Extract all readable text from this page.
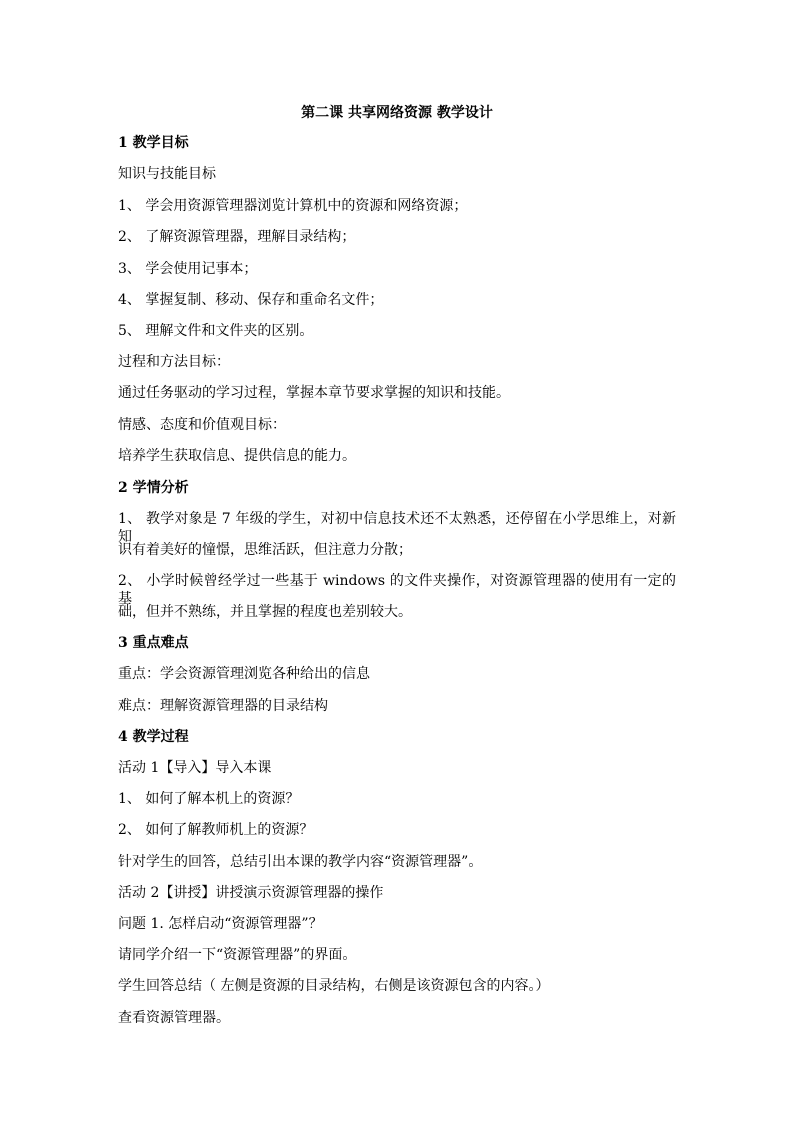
第二课 共享网络资源 教学设计
1 教学目标
知识与技能目标
1、 学会用资源管理器浏览计算机中的资源和网络资源；
2、 了解资源管理器，理解目录结构；
3、 学会使用记事本；
4、 掌握复制、移动、保存和重命名文件；
5、 理解文件和文件夹的区别。
过程和方法目标：
通过任务驱动的学习过程，掌握本章节要求掌握的知识和技能。
情感、态度和价值观目标：
培养学生获取信息、提供信息的能力。
2 学情分析
1、 教学对象是 7 年级的学生，对初中信息技术还不太熟悉，还停留在小学思维上，对新知
识有着美好的憧憬，思维活跃，但注意力分散；
2、 小学时候曾经学过一些基于 windows 的文件夹操作，对资源管理器的使用有一定的基
础，但并不熟练，并且掌握的程度也差别较大。
3 重点难点
重点：学会资源管理浏览各种给出的信息
难点：理解资源管理器的目录结构
4 教学过程
活动 1【导入】导入本课
1、 如何了解本机上的资源？
2、 如何了解教师机上的资源？
针对学生的回答，总结引出本课的教学内容“资源管理器”。
活动 2【讲授】讲授演示资源管理器的操作
问题 1. 怎样启动“资源管理器”？
请同学介绍一下“资源管理器”的界面。
学生回答总结（ 左侧是资源的目录结构，右侧是该资源包含的内容。）
查看资源管理器。
